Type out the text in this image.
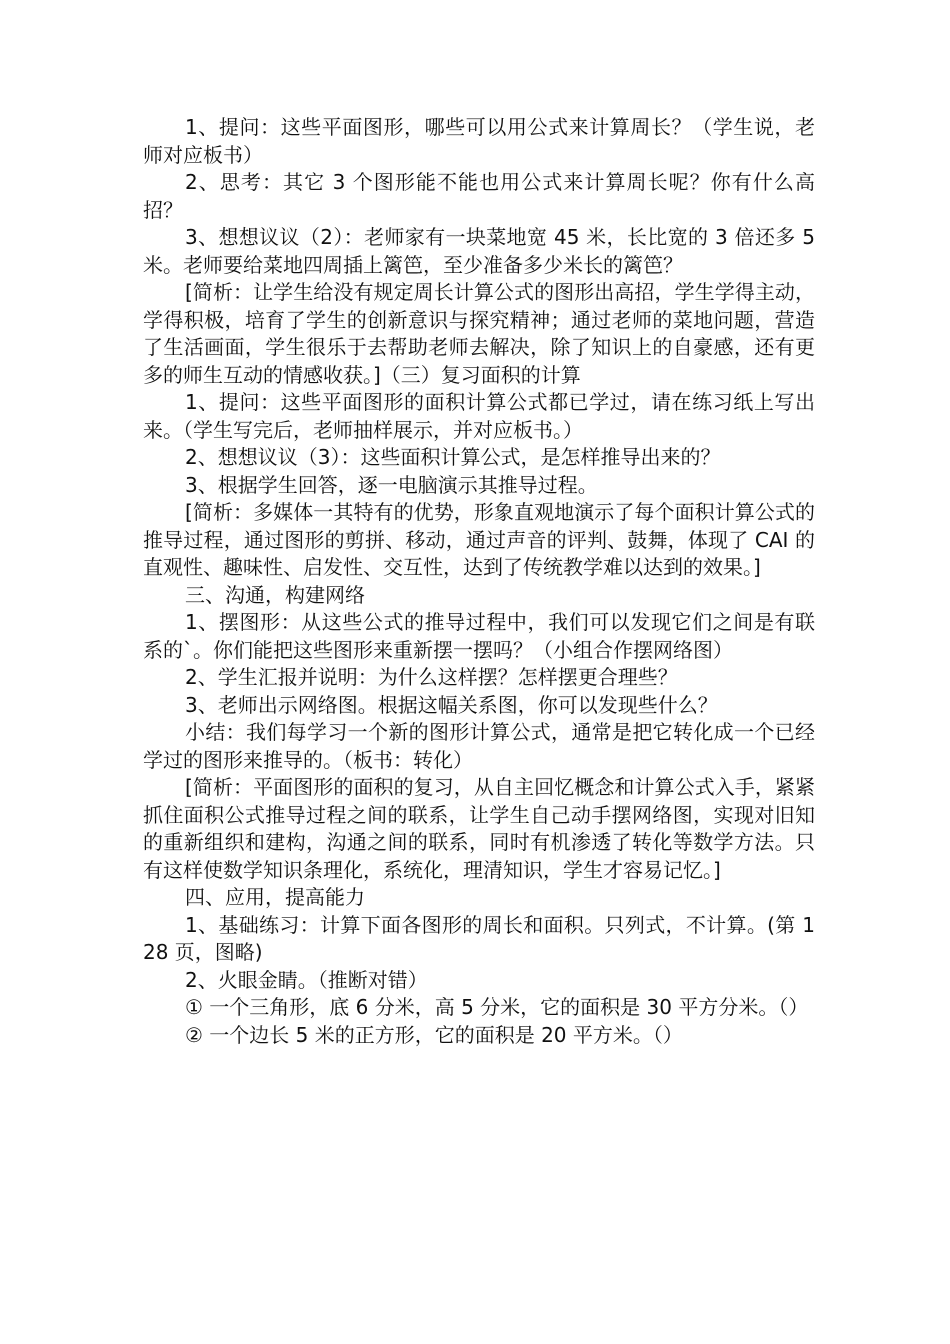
1、提问：这些平面图形，哪些可以用公式来计算周长？（学生说，老师对应板书）

2、思考：其它 3 个图形能不能也用公式来计算周长呢？你有什么高招？

3、想想议议（2）：老师家有一块菜地宽 45 米，长比宽的 3 倍还多 5 米。老师要给菜地四周插上篱笆，至少准备多少米长的篱笆？

[简析：让学生给没有规定周长计算公式的图形出高招，学生学得主动，学得积极，培育了学生的创新意识与探究精神；通过老师的菜地问题，营造了生活画面，学生很乐于去帮助老师去解决，除了知识上的自豪感，还有更多的师生互动的情感收获。]（三）复习面积的计算

1、提问：这些平面图形的面积计算公式都已学过，请在练习纸上写出来。（学生写完后，老师抽样展示，并对应板书。）

2、想想议议（3）：这些面积计算公式，是怎样推导出来的？

3、根据学生回答，逐一电脑演示其推导过程。

[简析：多媒体一其特有的优势，形象直观地演示了每个面积计算公式的推导过程，通过图形的剪拼、移动，通过声音的评判、鼓舞，体现了 CAI 的直观性、趣味性、启发性、交互性，达到了传统教学难以达到的效果。]

三、沟通，构建网络

1、摆图形：从这些公式的推导过程中，我们可以发现它们之间是有联系的`。你们能把这些图形来重新摆一摆吗？（小组合作摆网络图）

2、学生汇报并说明：为什么这样摆？怎样摆更合理些？

3、老师出示网络图。根据这幅关系图，你可以发现些什么？

小结：我们每学习一个新的图形计算公式，通常是把它转化成一个已经学过的图形来推导的。（板书：转化）

[简析：平面图形的面积的复习，从自主回忆概念和计算公式入手，紧紧抓住面积公式推导过程之间的联系，让学生自己动手摆网络图，实现对旧知的重新组织和建构，沟通之间的联系，同时有机渗透了转化等数学方法。只有这样使数学知识条理化，系统化，理清知识，学生才容易记忆。]

四、应用，提高能力

1、基础练习：计算下面各图形的周长和面积。只列式，不计算。(第 128 页，图略)

2、火眼金睛。（推断对错）

① 一个三角形，底 6 分米，高 5 分米，它的面积是 30 平方分米。（）

② 一个边长 5 米的正方形，它的面积是 20 平方米。（）
